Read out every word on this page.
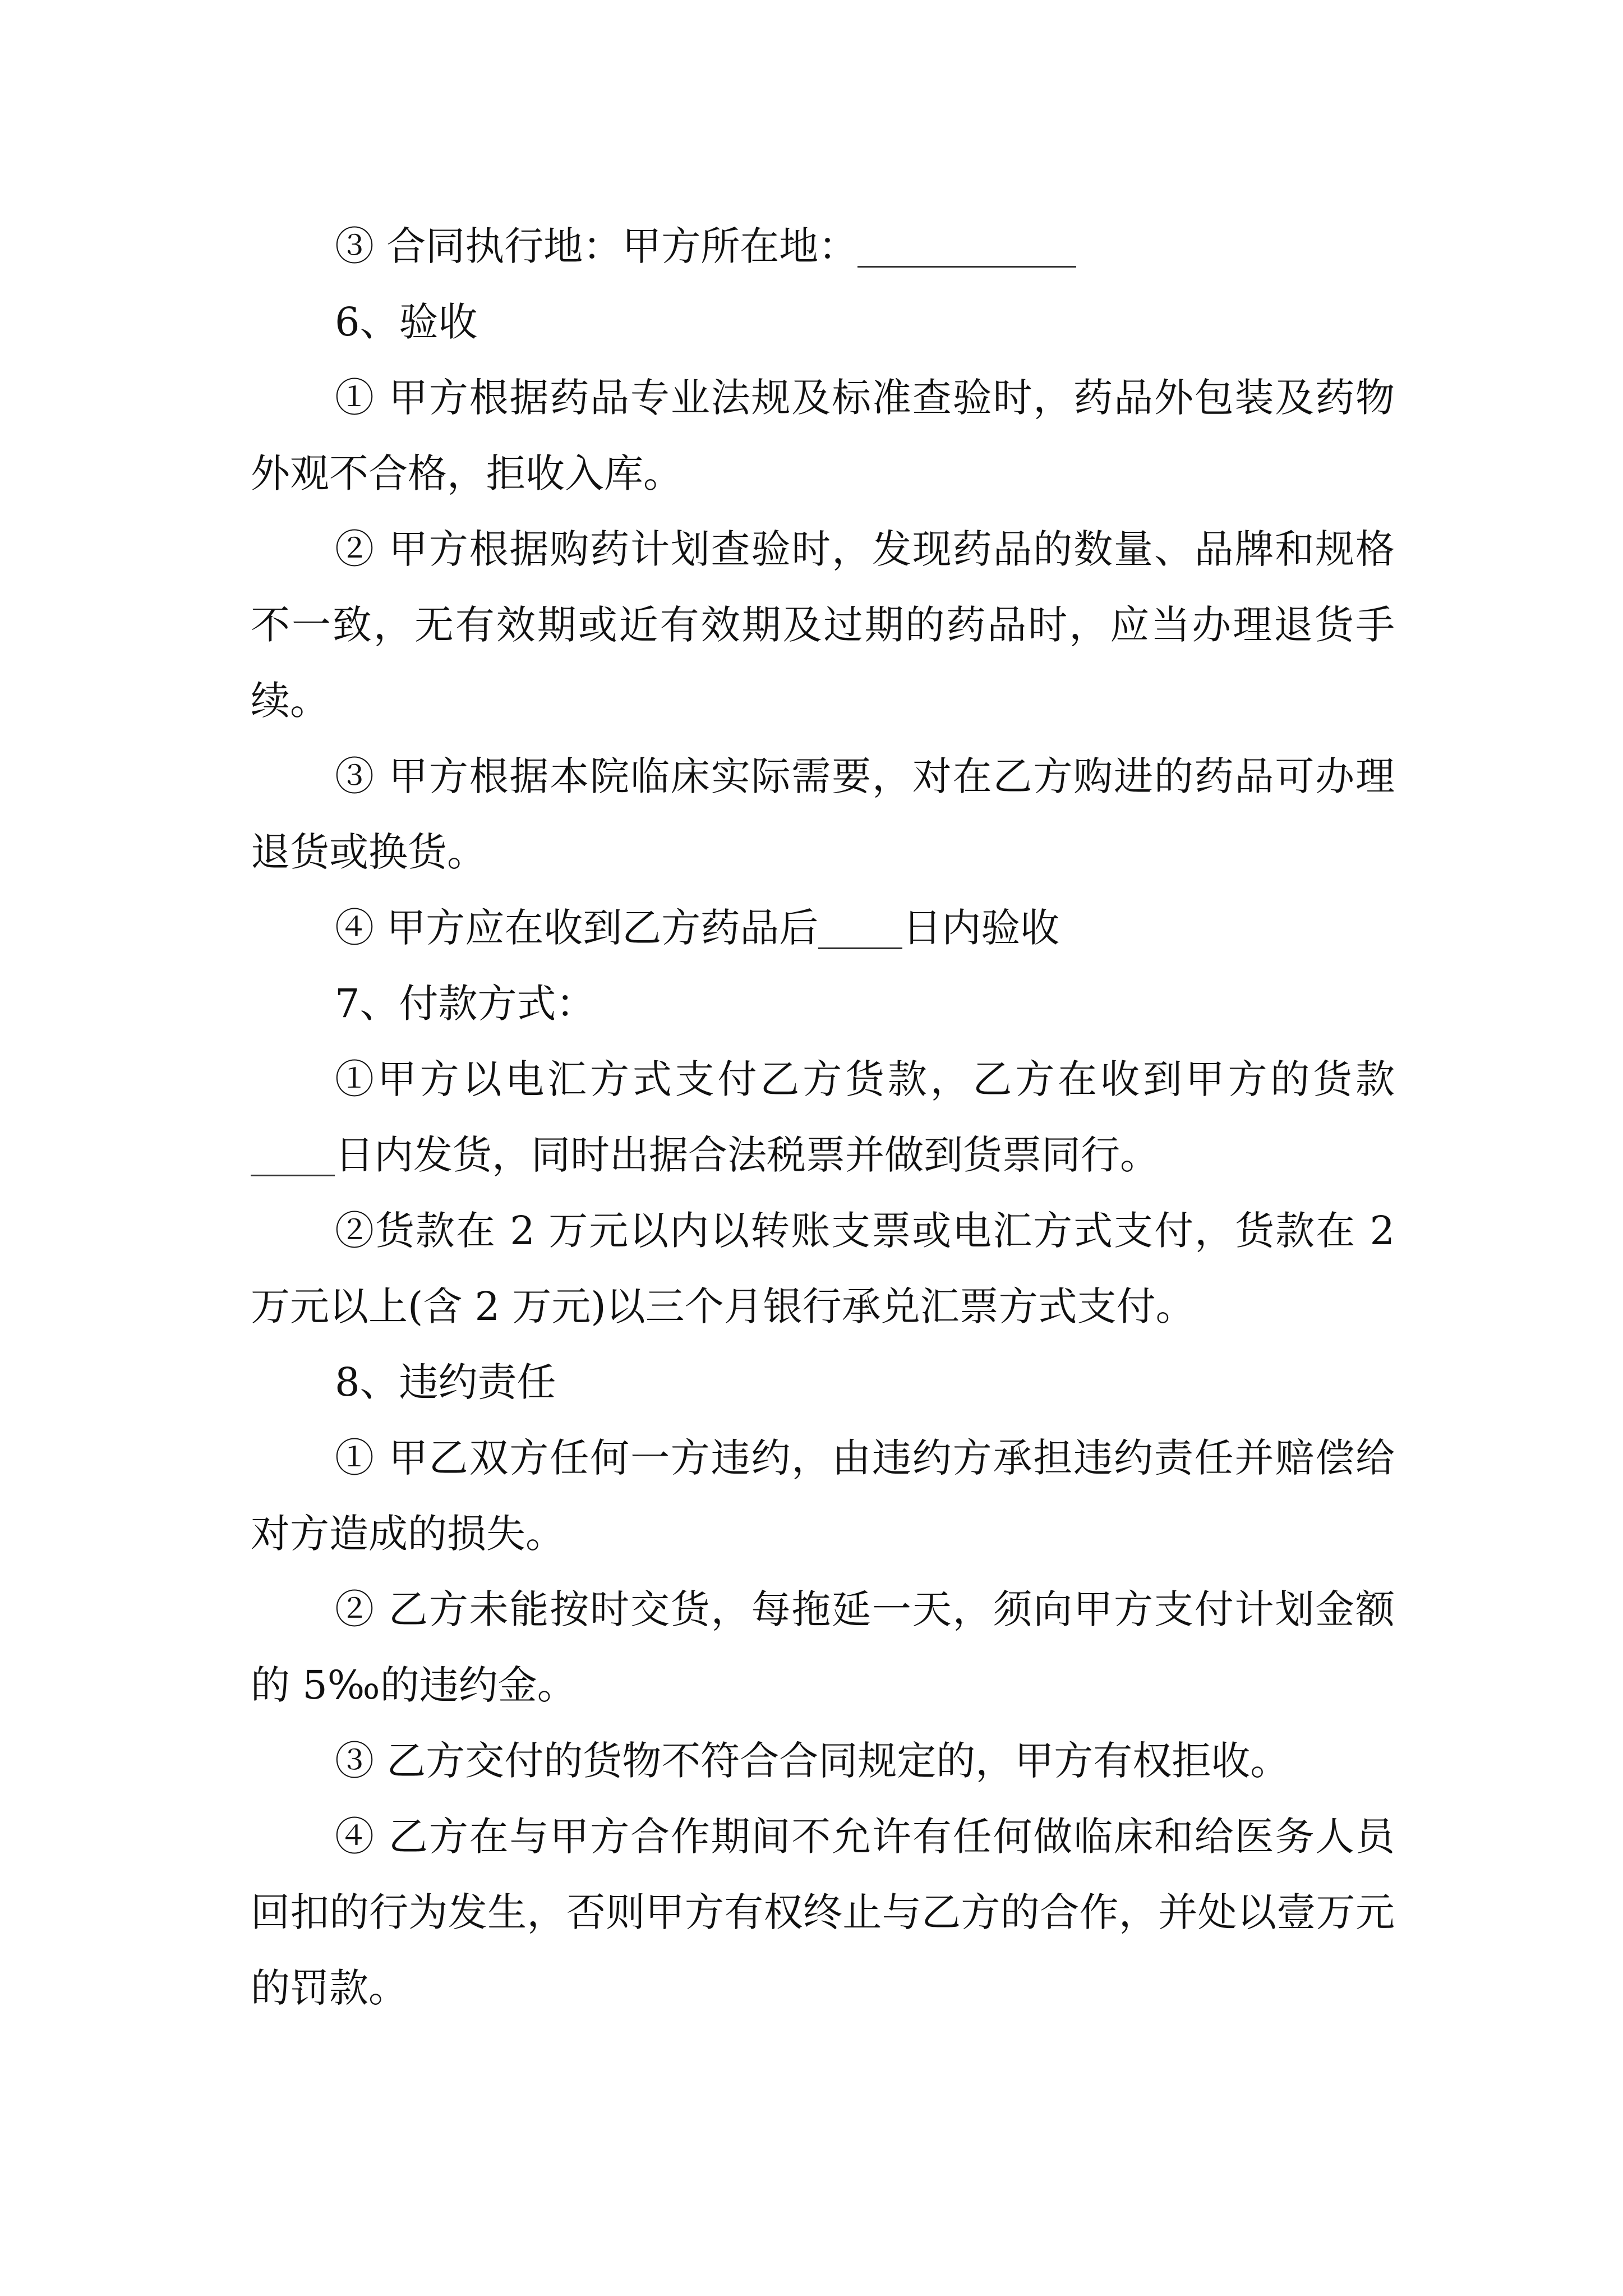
③ 合同执行地：甲方所在地：

6、验收

① 甲方根据药品专业法规及标准查验时，药品外包装及药物外观不合格，拒收入库。

② 甲方根据购药计划查验时，发现药品的数量、品牌和规格不一致，无有效期或近有效期及过期的药品时，应当办理退货手续。

③ 甲方根据本院临床实际需要，对在乙方购进的药品可办理退货或换货。

④ 甲方应在收到乙方药品后 日内验收

7、付款方式：

①甲方以电汇方式支付乙方货款，乙方在收到甲方的货款日内发货，同时出据合法税票并做到货票同行。

②货款在 2 万元以内以转账支票或电汇方式支付，货款在 2 万元以上(含 2 万元)以三个月银行承兑汇票方式支付。

8、违约责任

① 甲乙双方任何一方违约，由违约方承担违约责任并赔偿给对方造成的损失。

② 乙方未能按时交货，每拖延一天，须向甲方支付计划金额的 5‰的违约金。

③ 乙方交付的货物不符合合同规定的，甲方有权拒收。

④ 乙方在与甲方合作期间不允许有任何做临床和给医务人员回扣的行为发生，否则甲方有权终止与乙方的合作，并处以壹万元的罚款。
